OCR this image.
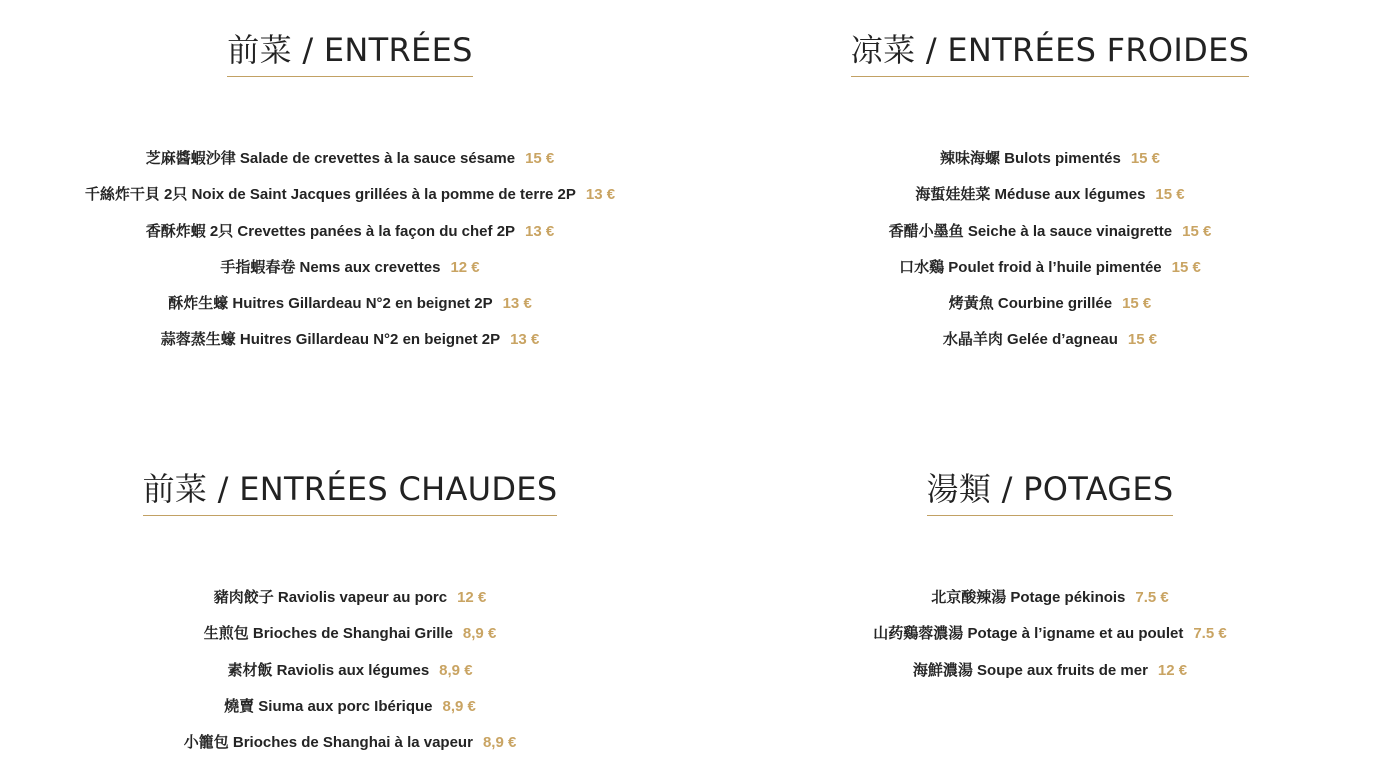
前菜 / ENTRÉES
芝麻醬蝦沙律 Salade de crevettes à la sauce sésame 15 €
千絲炸干貝 2只 Noix de Saint Jacques grillées à la pomme de terre 2P 13 €
香酥炸蝦 2只 Crevettes panées à la façon du chef 2P 13 €
手指蝦春卷 Nems aux crevettes 12 €
酥炸生蠔 Huitres Gillardeau N°2 en beignet 2P 13 €
蒜蓉蒸生蠔 Huitres Gillardeau N°2 en beignet 2P 13 €
凉菜 / ENTRÉES FROIDES
辣味海螺 Bulots pimentés 15 €
海蜇娃娃菜 Méduse aux légumes 15 €
香醋小墨鱼 Seiche à la sauce vinaigrette 15 €
口水鷄 Poulet froid à l’huile pimentée 15 €
烤黃魚 Courbine grillée 15 €
水晶羊肉 Gelée d’agneau 15 €
前菜 / ENTRÉES CHAUDES
豬肉餃子 Raviolis vapeur au porc 12 €
生煎包 Brioches de Shanghai Grille 8,9 €
素材飯 Raviolis aux légumes 8,9 €
燒賣 Siuma aux porc Ibérique 8,9 €
小籠包 Brioches de Shanghai à la vapeur 8,9 €
湯類 / POTAGES
北京酸辣湯 Potage pékinois 7.5 €
山药鷄蓉濃湯 Potage à l’igname et au poulet 7.5 €
海鮮濃湯 Soupe aux fruits de mer 12 €
